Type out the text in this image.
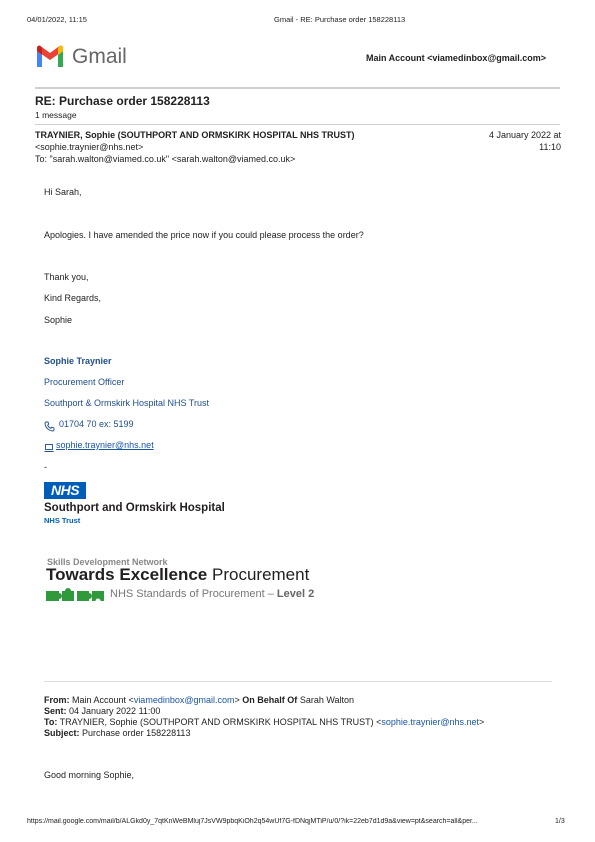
04/01/2022, 11:15	Gmail - RE: Purchase order 158228113
Gmail	Main Account <viamedinbox@gmail.com>
RE: Purchase order 158228113
1 message
TRAYNIER, Sophie (SOUTHPORT AND ORMSKIRK HOSPITAL NHS TRUST)
<sophie.traynier@nhs.net>
To: "sarah.walton@viamed.co.uk" <sarah.walton@viamed.co.uk>
4 January 2022 at
11:10
Hi Sarah,
Apologies. I have amended the price now if you could please process the order?
Thank you,
Kind Regards,
Sophie
Sophie Traynier
Procurement Officer
Southport & Ormskirk Hospital NHS Trust
01704 70 ex: 5199
sophie.traynier@nhs.net
-
NHS
Southport and Ormskirk Hospital
NHS Trust
Skills Development Network
Towards Excellence Procurement
NHS Standards of Procurement – Level 2
From: Main Account <viamedinbox@gmail.com> On Behalf Of Sarah Walton
Sent: 04 January 2022 11:00
To: TRAYNIER, Sophie (SOUTHPORT AND ORMSKIRK HOSPITAL NHS TRUST) <sophie.traynier@nhs.net>
Subject: Purchase order 158228113
Good morning Sophie,
https://mail.google.com/mail/b/ALGkd0y_7qtKnWeBMluj7JsVW9pbqKiOh2q54wUf7G-fDNqjMTiP/u/0/?ik=22eb7d1d9a&view=pt&search=all&per...	1/3
